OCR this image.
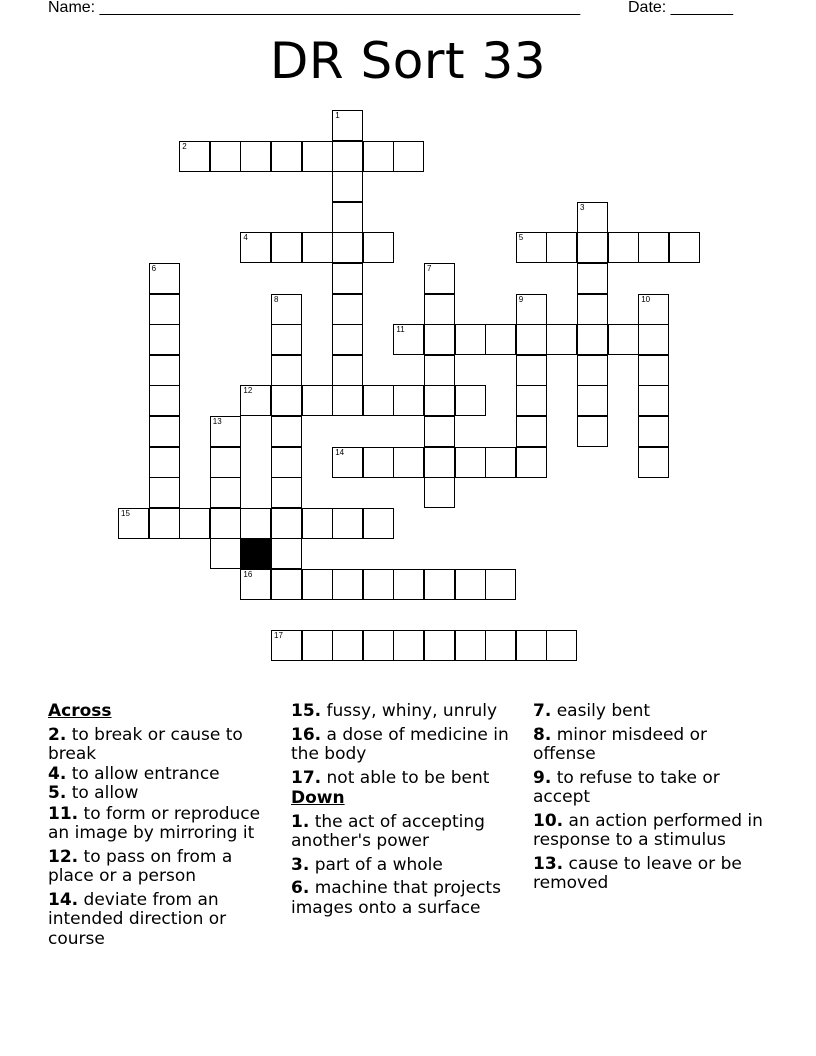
Name: ______________________________________________________	Date: _______
DR Sort 33
2
4	5
11
12
14
15
16
17
1
3
6	7
8	9	10
13
Across
2. to break or cause to break
4. to allow entrance
5. to allow
11. to form or reproduce an image by mirroring it
12. to pass on from a place or a person
14. deviate from an intended direction or course
15. fussy, whiny, unruly
16. a dose of medicine in the body
17. not able to be bent
Down
1. the act of accepting another's power
3. part of a whole
6. machine that projects images onto a surface
7. easily bent
8. minor misdeed or offense
9. to refuse to take or accept
10. an action performed in response to a stimulus
13. cause to leave or be removed
